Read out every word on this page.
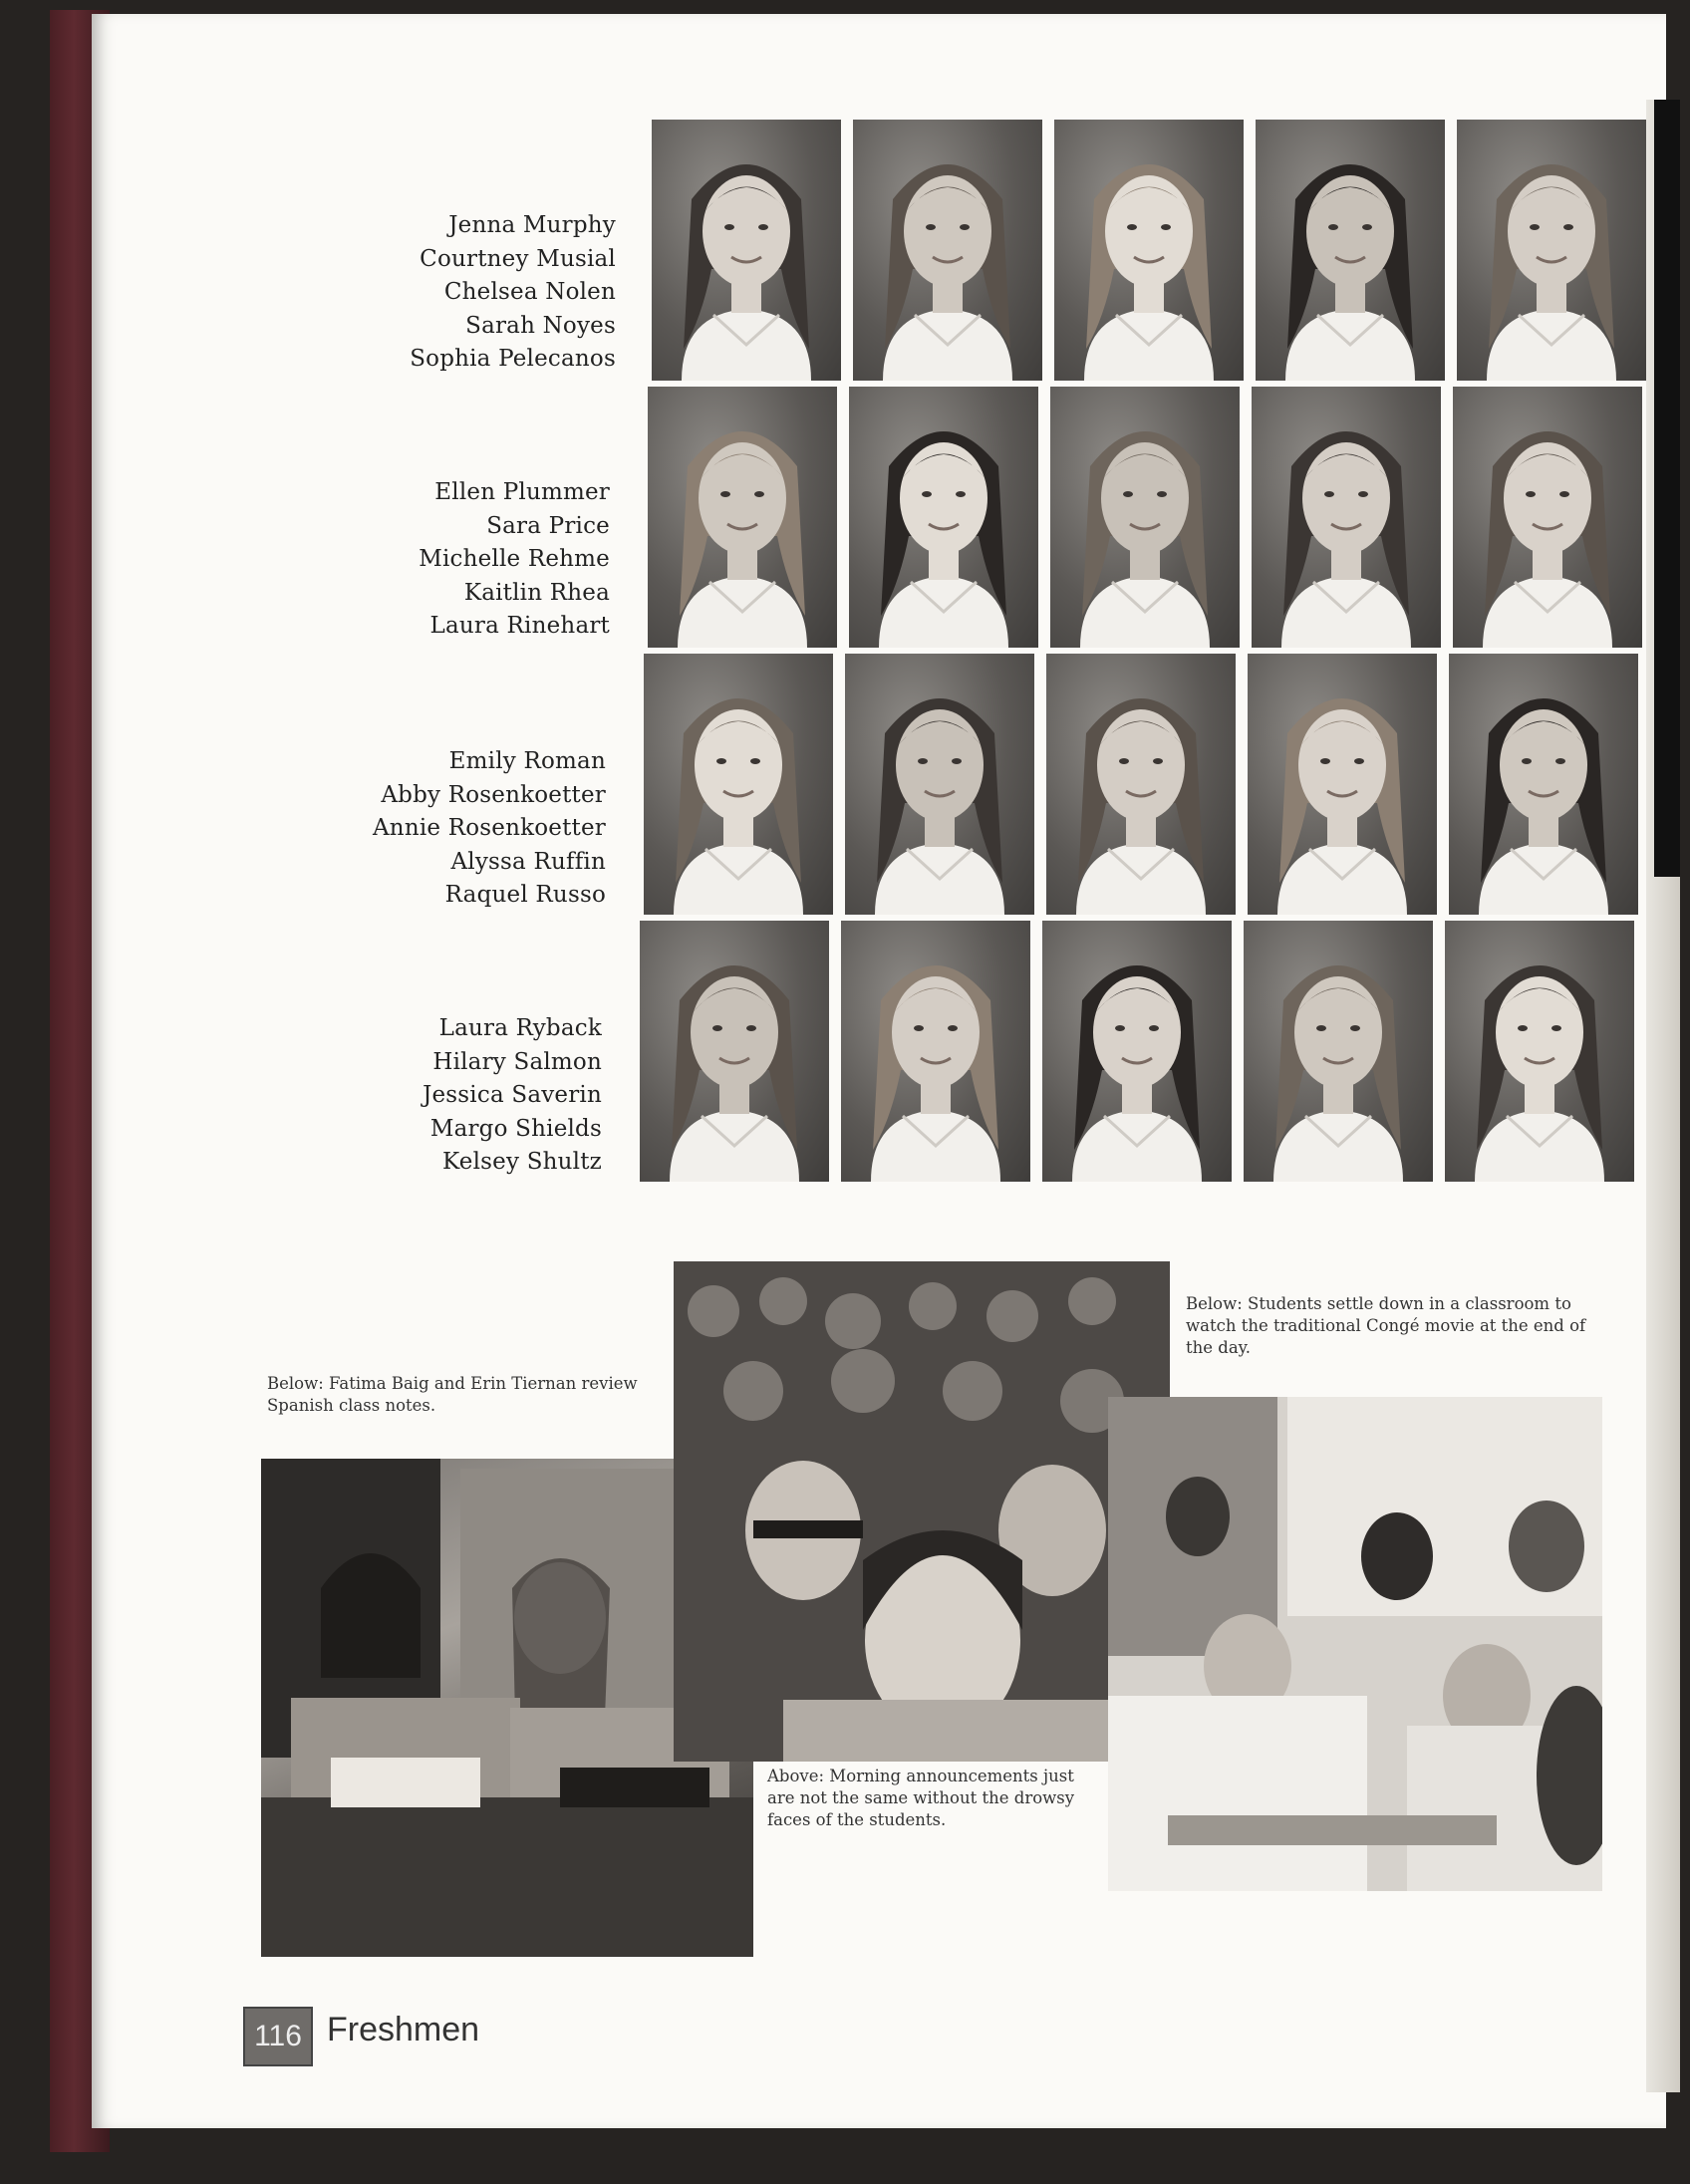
Jenna Murphy
Courtney Musial
Chelsea Nolen
Sarah Noyes
Sophia Pelecanos
Ellen Plummer
Sara Price
Michelle Rehme
Kaitlin Rhea
Laura Rinehart
Emily Roman
Abby Rosenkoetter
Annie Rosenkoetter
Alyssa Ruffin
Raquel Russo
Laura Ryback
Hilary Salmon
Jessica Saverin
Margo Shields
Kelsey Shultz
Below: Fatima Baig and Erin Tiernan review Spanish class notes.
Below: Students settle down in a classroom to watch the traditional Congé movie at the end of the day.
Above: Morning announcements just are not the same without the drowsy faces of the students.
116 Freshmen
